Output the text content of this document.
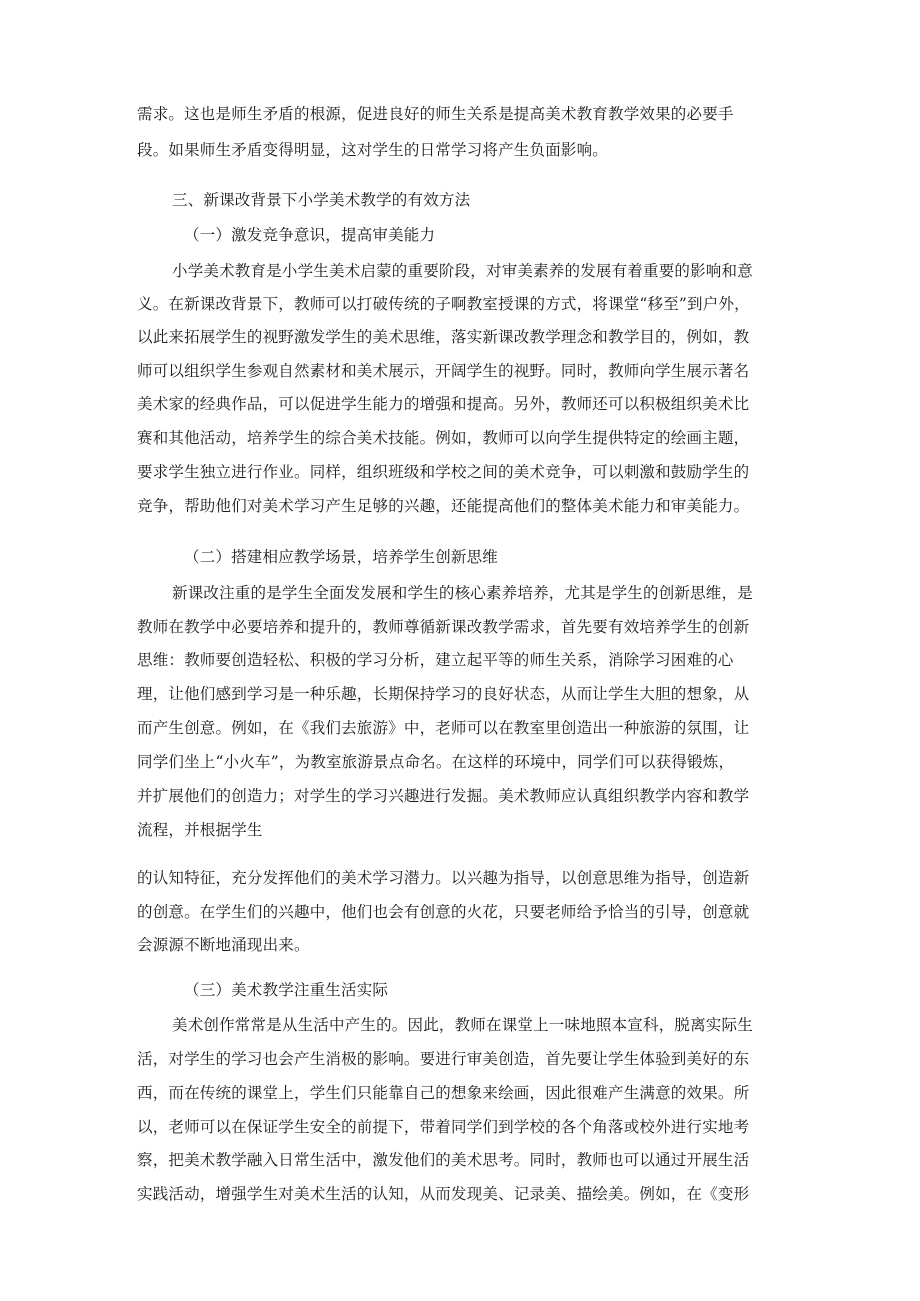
需求。这也是师生矛盾的根源，促进良好的师生关系是提高美术教育教学效果的必要手
段。如果师生矛盾变得明显，这对学生的日常学习将产生负面影响。
三、新课改背景下小学美术教学的有效方法
（一）激发竞争意识，提高审美能力
小学美术教育是小学生美术启蒙的重要阶段，对审美素养的发展有着重要的影响和意
义。在新课改背景下，教师可以打破传统的子啊教室授课的方式，将课堂“移至”到户外，
以此来拓展学生的视野激发学生的美术思维，落实新课改教学理念和教学目的，例如，教
师可以组织学生参观自然素材和美术展示，开阔学生的视野。同时，教师向学生展示著名
美术家的经典作品，可以促进学生能力的增强和提高。另外，教师还可以积极组织美术比
赛和其他活动，培养学生的综合美术技能。例如，教师可以向学生提供特定的绘画主题，
要求学生独立进行作业。同样，组织班级和学校之间的美术竞争，可以刺激和鼓励学生的
竞争，帮助他们对美术学习产生足够的兴趣，还能提高他们的整体美术能力和审美能力。
（二）搭建相应教学场景，培养学生创新思维
新课改注重的是学生全面发发展和学生的核心素养培养，尤其是学生的创新思维，是
教师在教学中必要培养和提升的，教师尊循新课改教学需求，首先要有效培养学生的创新
思维：教师要创造轻松、积极的学习分析，建立起平等的师生关系，消除学习困难的心
理，让他们感到学习是一种乐趣，长期保持学习的良好状态，从而让学生大胆的想象，从
而产生创意。例如，在《我们去旅游》中，老师可以在教室里创造出一种旅游的氛围，让
同学们坐上“小火车”，为教室旅游景点命名。在这样的环境中，同学们可以获得锻炼，
并扩展他们的创造力；对学生的学习兴趣进行发掘。美术教师应认真组织教学内容和教学
流程，并根据学生
的认知特征，充分发挥他们的美术学习潜力。以兴趣为指导，以创意思维为指导，创造新
的创意。在学生们的兴趣中，他们也会有创意的火花，只要老师给予恰当的引导，创意就
会源源不断地涌现出来。
（三）美术教学注重生活实际
美术创作常常是从生活中产生的。因此，教师在课堂上一味地照本宣科，脱离实际生
活，对学生的学习也会产生消极的影响。要进行审美创造，首先要让学生体验到美好的东
西，而在传统的课堂上，学生们只能靠自己的想象来绘画，因此很难产生满意的效果。所
以，老师可以在保证学生安全的前提下，带着同学们到学校的各个角落或校外进行实地考
察，把美术教学融入日常生活中，激发他们的美术思考。同时，教师也可以通过开展生活
实践活动，增强学生对美术生活的认知，从而发现美、记录美、描绘美。例如，在《变形
